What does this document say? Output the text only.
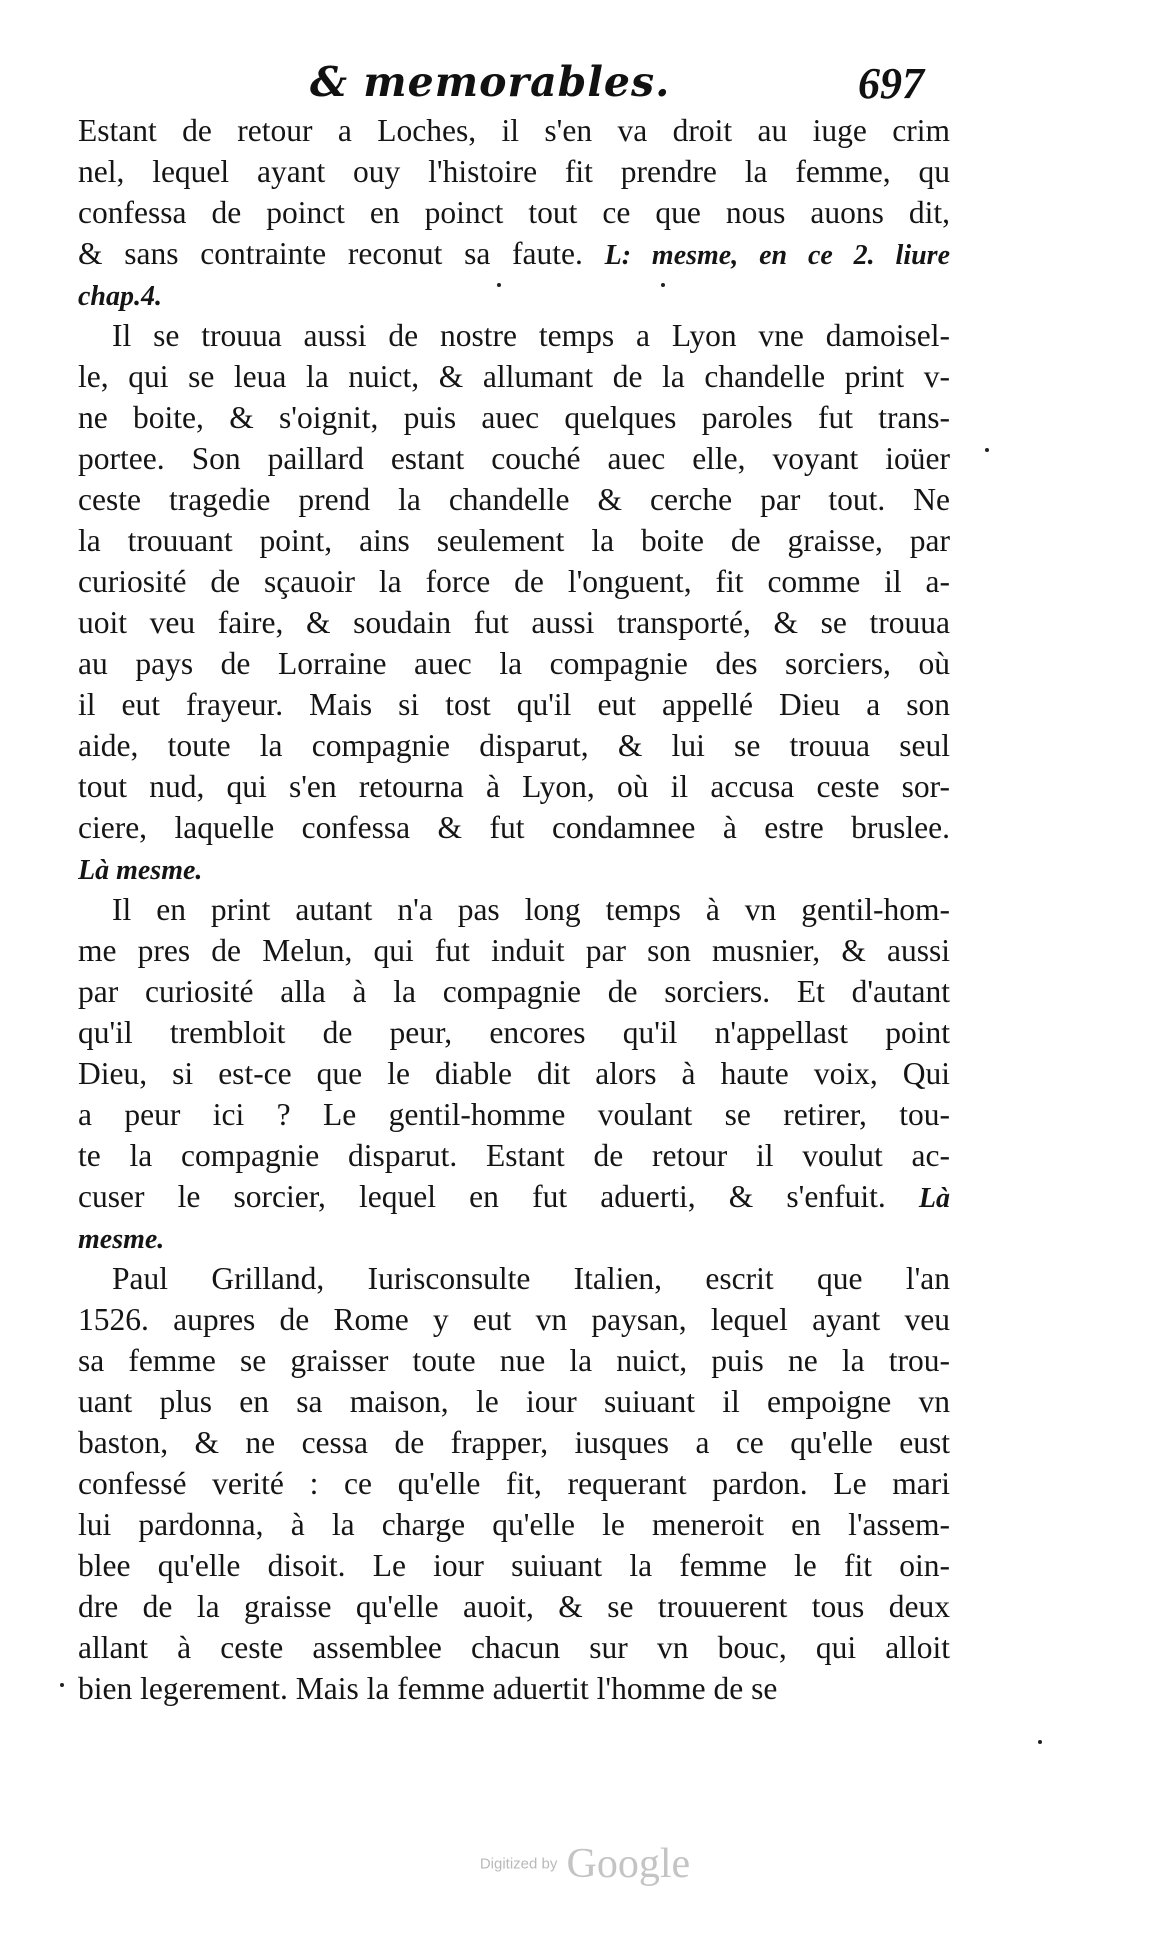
& memorables.	697
Estant de retour a Loches, il s'en va droit au iuge crim
nel, lequel ayant ouy l'histoire fit prendre la femme, qu
confessa de poinct en poinct tout ce que nous auons dit,
& sans contrainte reconut sa faute. L: mesme, en ce 2. liure
chap.4.
Il se trouua aussi de nostre temps a Lyon vne damoisel-
le, qui se leua la nuict, & allumant de la chandelle print v-
ne boite, & s'oignit, puis auec quelques paroles fut trans-
portee. Son paillard estant couché auec elle, voyant ioüer
ceste tragedie prend la chandelle & cerche par tout. Ne
la trouuant point, ains seulement la boite de graisse, par
curiosité de sçauoir la force de l'onguent, fit comme il a-
uoit veu faire, & soudain fut aussi transporté, & se trouua
au pays de Lorraine auec la compagnie des sorciers, où
il eut frayeur. Mais si tost qu'il eut appellé Dieu a son
aide, toute la compagnie disparut, & lui se trouua seul
tout nud, qui s'en retourna à Lyon, où il accusa ceste sor-
ciere, laquelle confessa & fut condamnee à estre bruslee.
Là mesme.
Il en print autant n'a pas long temps à vn gentil-hom-
me pres de Melun, qui fut induit par son musnier, & aussi
par curiosité alla à la compagnie de sorciers. Et d'autant
qu'il trembloit de peur, encores qu'il n'appellast point
Dieu, si est-ce que le diable dit alors à haute voix, Qui
a peur ici ? Le gentil-homme voulant se retirer, tou-
te la compagnie disparut. Estant de retour il voulut ac-
cuser le sorcier, lequel en fut aduerti, & s'enfuit. Là
mesme.
Paul Grilland, Iurisconsulte Italien, escrit que l'an
1526. aupres de Rome y eut vn paysan, lequel ayant veu
sa femme se graisser toute nue la nuict, puis ne la trou-
uant plus en sa maison, le iour suiuant il empoigne vn
baston, & ne cessa de frapper, iusques a ce qu'elle eust
confessé verité : ce qu'elle fit, requerant pardon. Le mari
lui pardonna, à la charge qu'elle le meneroit en l'assem-
blee qu'elle disoit. Le iour suiuant la femme le fit oin-
dre de la graisse qu'elle auoit, & se trouuerent tous deux
allant à ceste assemblee chacun sur vn bouc, qui alloit
bien legerement. Mais la femme aduertit l'homme de se
Digitized by Google
